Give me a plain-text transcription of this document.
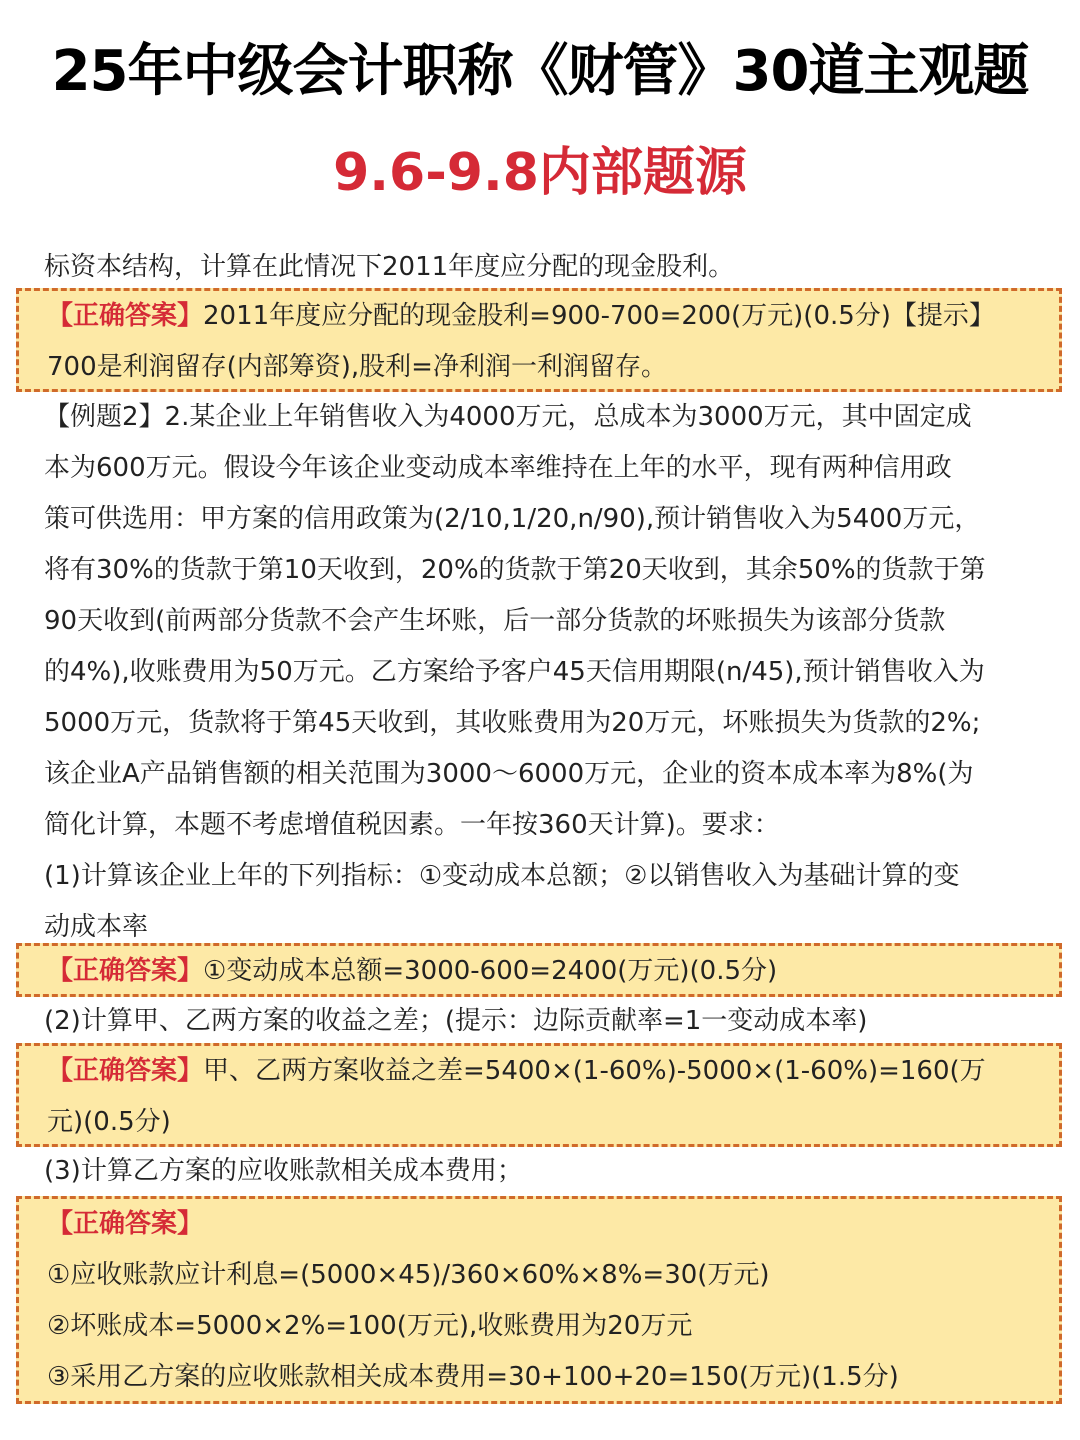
25年中级会计职称《财管》30道主观题
9.6-9.8内部题源
标资本结构，计算在此情况下2011年度应分配的现金股利。
【正确答案】2011年度应分配的现金股利=900-700=200(万元)(0.5分)【提示】
700是利润留存(内部筹资),股利=净利润一利润留存。
【例题2】2.某企业上年销售收入为4000万元，总成本为3000万元，其中固定成
本为600万元。假设今年该企业变动成本率维持在上年的水平，现有两种信用政
策可供选用：甲方案的信用政策为(2/10,1/20,n/90),预计销售收入为5400万元，
将有30%的货款于第10天收到，20%的货款于第20天收到，其余50%的货款于第
90天收到(前两部分货款不会产生坏账，后一部分货款的坏账损失为该部分货款
的4%),收账费用为50万元。乙方案给予客户45天信用期限(n/45),预计销售收入为
5000万元，货款将于第45天收到，其收账费用为20万元，坏账损失为货款的2%;
该企业A产品销售额的相关范围为3000～6000万元，企业的资本成本率为8%(为
简化计算，本题不考虑增值税因素。一年按360天计算)。要求：
(1)计算该企业上年的下列指标：①变动成本总额；②以销售收入为基础计算的变
动成本率
【正确答案】①变动成本总额=3000-600=2400(万元)(0.5分)
(2)计算甲、乙两方案的收益之差；(提示：边际贡献率=1一变动成本率)
【正确答案】甲、乙两方案收益之差=5400×(1-60%)-5000×(1-60%)=160(万
元)(0.5分)
(3)计算乙方案的应收账款相关成本费用；
【正确答案】
①应收账款应计利息=(5000×45)/360×60%×8%=30(万元)
②坏账成本=5000×2%=100(万元),收账费用为20万元
③采用乙方案的应收账款相关成本费用=30+100+20=150(万元)(1.5分)
